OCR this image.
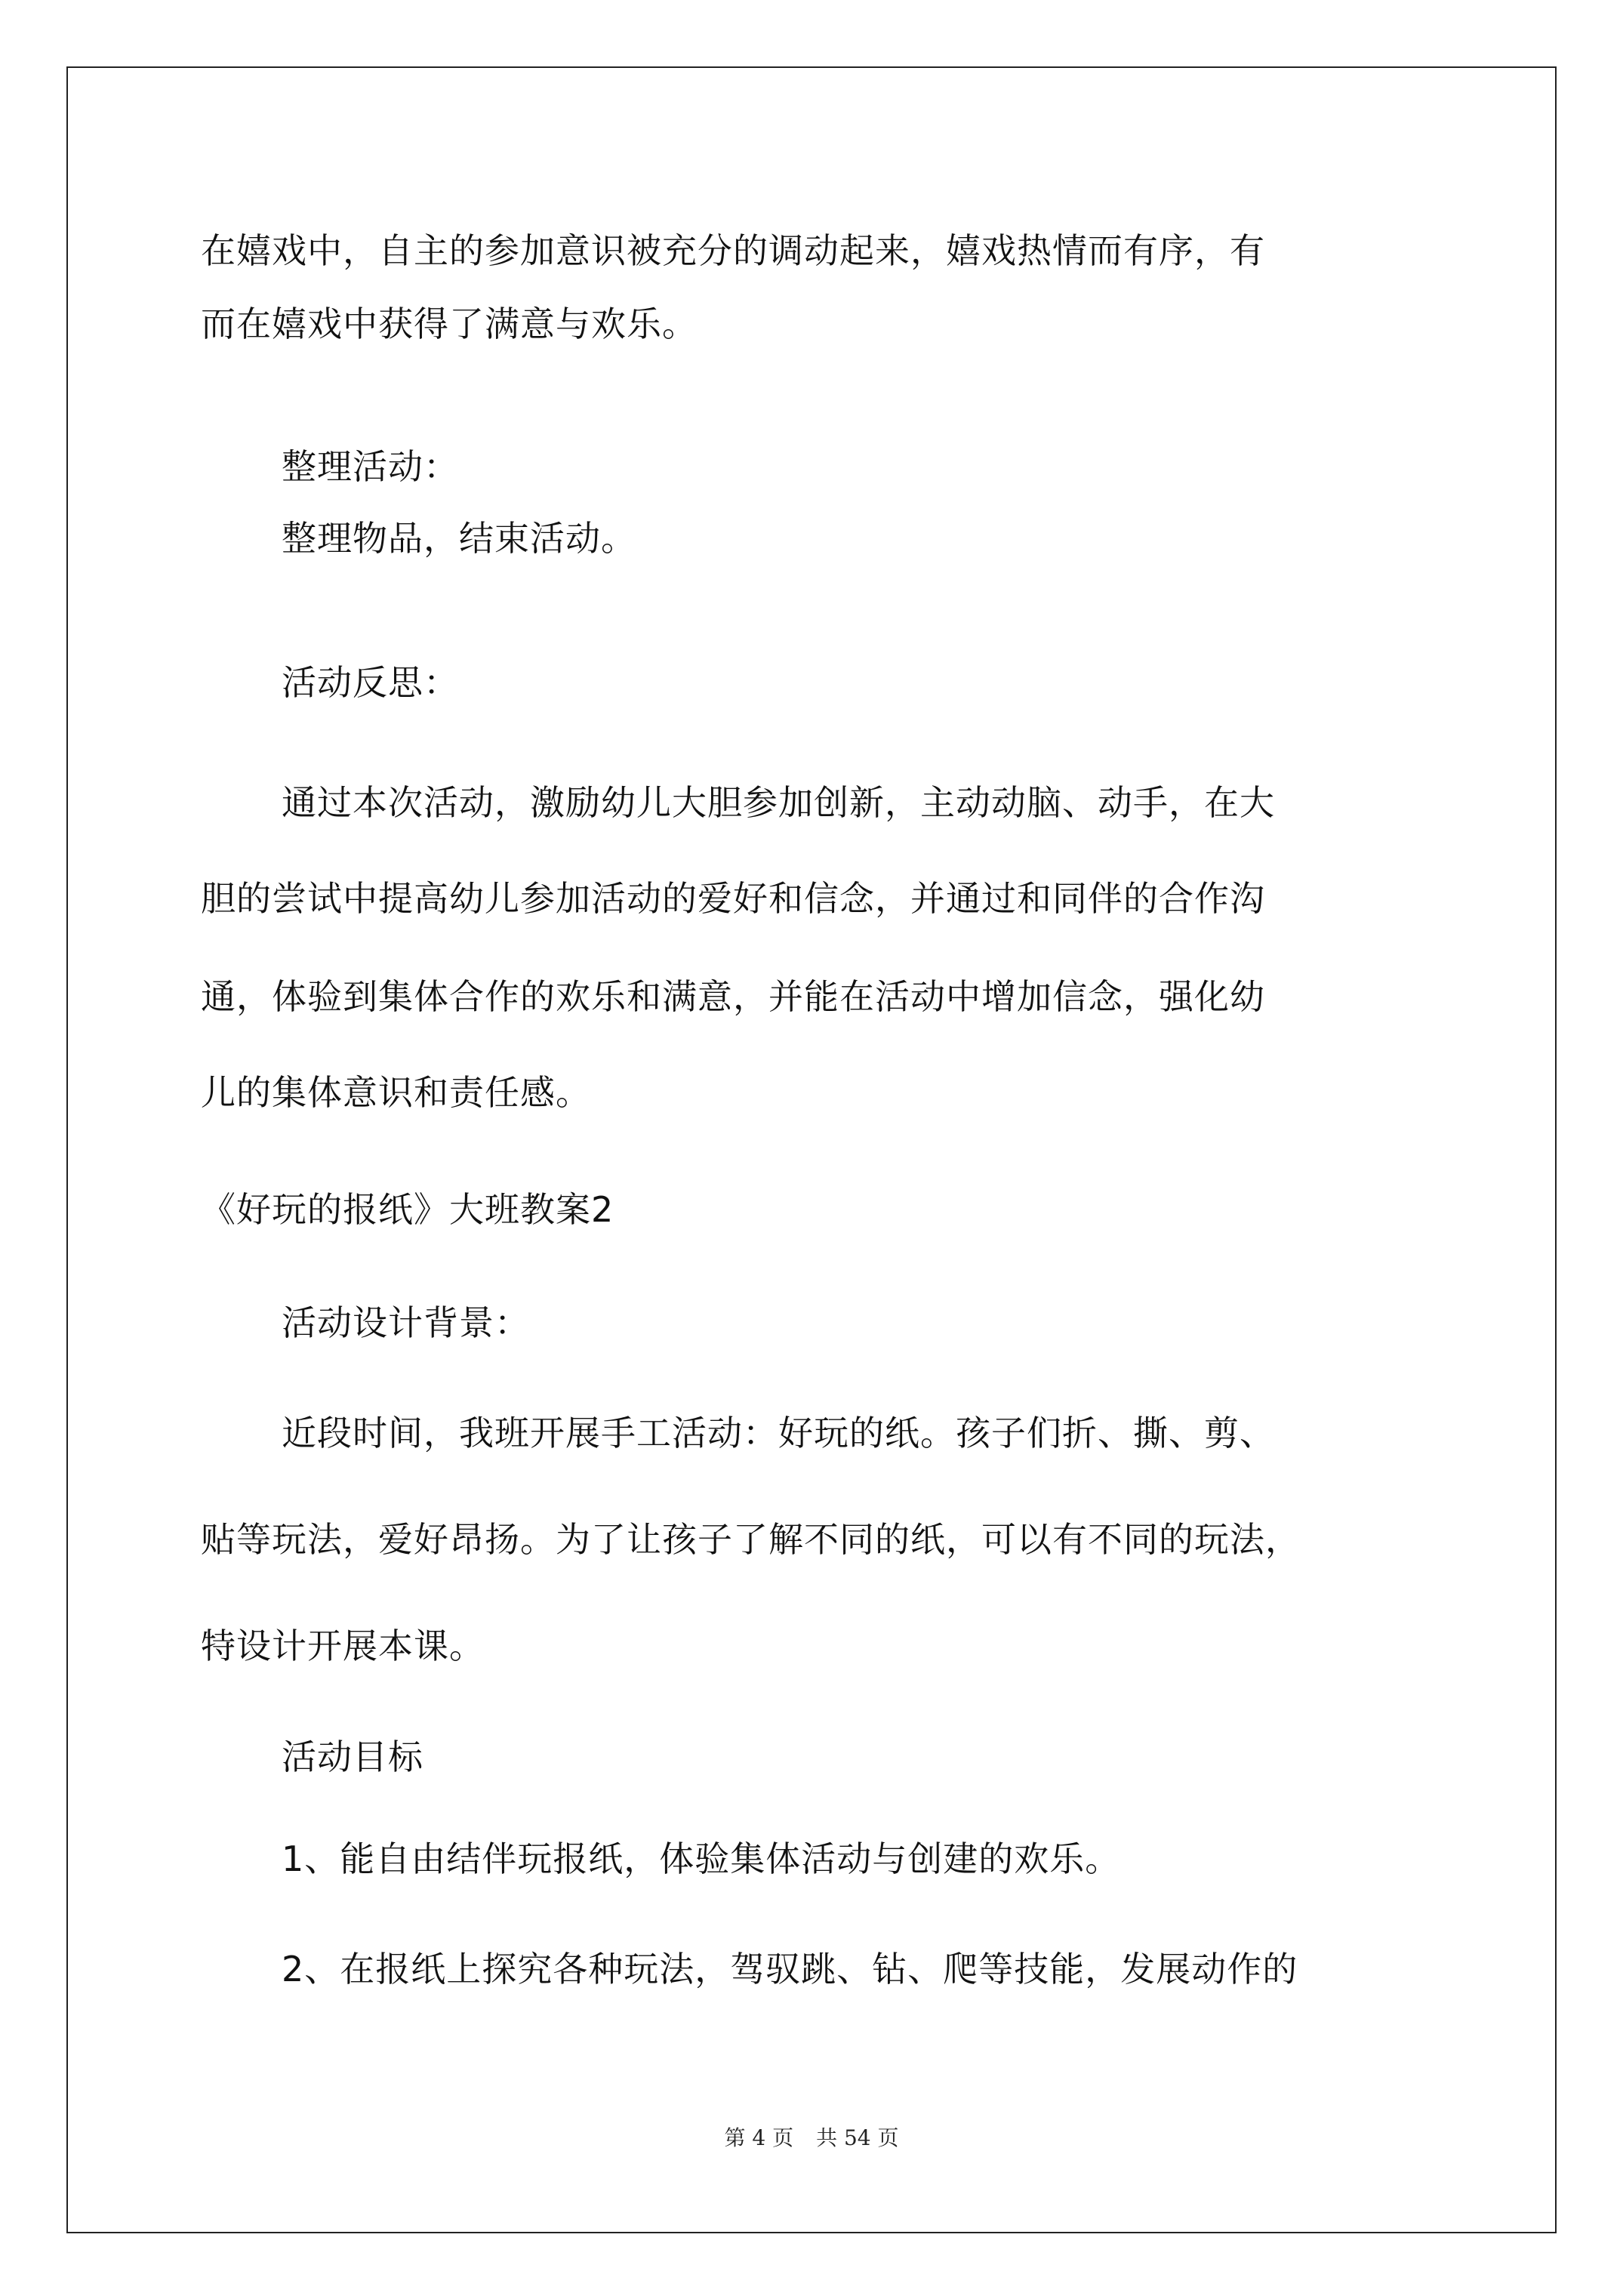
在嬉戏中，自主的参加意识被充分的调动起来，嬉戏热情而有序，有
而在嬉戏中获得了满意与欢乐。
整理活动：
整理物品，结束活动。
活动反思：
通过本次活动，激励幼儿大胆参加创新，主动动脑、动手，在大
胆的尝试中提高幼儿参加活动的爱好和信念，并通过和同伴的合作沟
通，体验到集体合作的欢乐和满意，并能在活动中增加信念，强化幼
儿的集体意识和责任感。
《好玩的报纸》大班教案2
活动设计背景：
近段时间，我班开展手工活动：好玩的纸。孩子们折、撕、剪、
贴等玩法，爱好昂扬。为了让孩子了解不同的纸，可以有不同的玩法，
特设计开展本课。
活动目标
1、能自由结伴玩报纸，体验集体活动与创建的欢乐。
2、在报纸上探究各种玩法，驾驭跳、钻、爬等技能，发展动作的
第 4 页 共 54 页
